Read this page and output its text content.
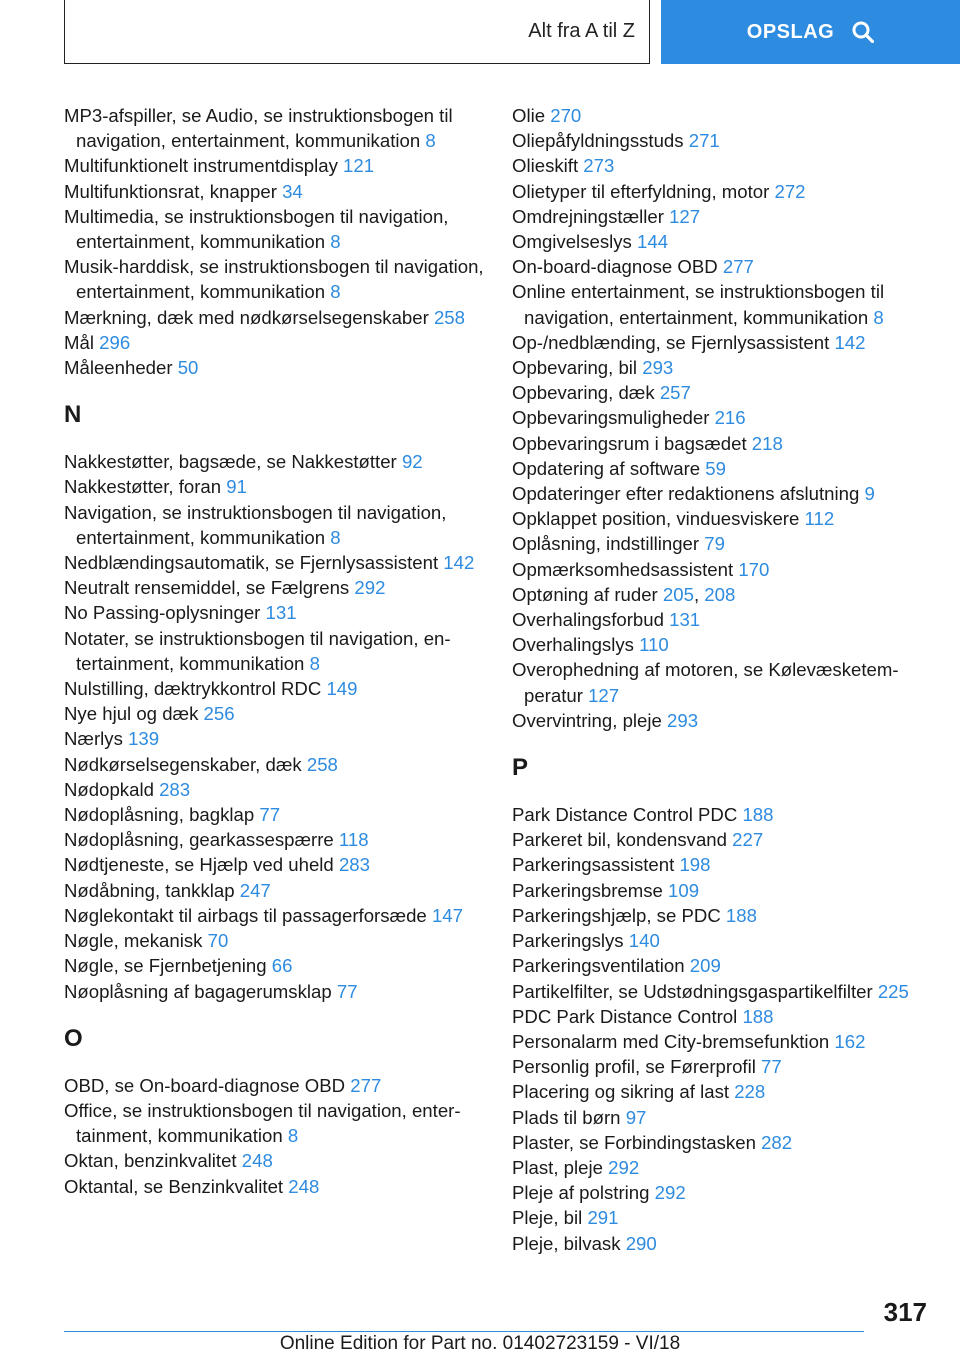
Alt fra A til Z	OPSLAG
MP3-afspiller, se Audio, se instruktionsbogen til navigation, entertainment, kommunikation 8
Multifunktionelt instrumentdisplay 121
Multifunktionsrat, knapper 34
Multimedia, se instruktionsbogen til navigation, entertainment, kommunikation 8
Musik-harddisk, se instruktionsbogen til navigation, entertainment, kommunikation 8
Mærkning, dæk med nødkørselsegenskaber 258
Mål 296
Måleenheder 50
N
Nakkestøtter, bagsæde, se Nakkestøtter 92
Nakkestøtter, foran 91
Navigation, se instruktionsbogen til navigation, entertainment, kommunikation 8
Nedblændingsautomatik, se Fjernlysassistent 142
Neutralt rensemiddel, se Fælgrens 292
No Passing-oplysninger 131
Notater, se instruktionsbogen til navigation, entertainment, kommunikation 8
Nulstilling, dæktrykkontrol RDC 149
Nye hjul og dæk 256
Nærlys 139
Nødkørselsegenskaber, dæk 258
Nødopkald 283
Nødoplåsning, bagklap 77
Nødoplåsning, gearkassespærre 118
Nødtjeneste, se Hjælp ved uheld 283
Nødåbning, tankklap 247
Nøglekontakt til airbags til passagerforsæde 147
Nøgle, mekanisk 70
Nøgle, se Fjernbetjening 66
Nøoplåsning af bagagerumsklap 77
O
OBD, se On-board-diagnose OBD 277
Office, se instruktionsbogen til navigation, entertainment, kommunikation 8
Oktan, benzinkvalitet 248
Oktantal, se Benzinkvalitet 248
Olie 270
Oliepåfyldningsstuds 271
Olieskift 273
Olietyper til efterfyldning, motor 272
Omdrejningstæller 127
Omgivelseslys 144
On-board-diagnose OBD 277
Online entertainment, se instruktionsbogen til navigation, entertainment, kommunikation 8
Op-/nedblænding, se Fjernlysassistent 142
Opbevaring, bil 293
Opbevaring, dæk 257
Opbevaringsmuligheder 216
Opbevaringsrum i bagsædet 218
Opdatering af software 59
Opdateringer efter redaktionens afslutning 9
Opklappet position, vinduesviskere 112
Oplåsning, indstillinger 79
Opmærksomhedsassistent 170
Optøning af ruder 205, 208
Overhalingsforbud 131
Overhalingslys 110
Overophedning af motoren, se Kølevæsketemperatur 127
Overvintring, pleje 293
P
Park Distance Control PDC 188
Parkeret bil, kondensvand 227
Parkeringsassistent 198
Parkeringsbremse 109
Parkeringshjælp, se PDC 188
Parkeringslys 140
Parkeringsventilation 209
Partikelfilter, se Udstødningsgaspartikelfilter 225
PDC Park Distance Control 188
Personalarm med City-bremsefunktion 162
Personlig profil, se Førerprofil 77
Placering og sikring af last 228
Plads til børn 97
Plaster, se Forbindingstasken 282
Plast, pleje 292
Pleje af polstring 292
Pleje, bil 291
Pleje, bilvask 290
317
Online Edition for Part no. 01402723159 - VI/18
